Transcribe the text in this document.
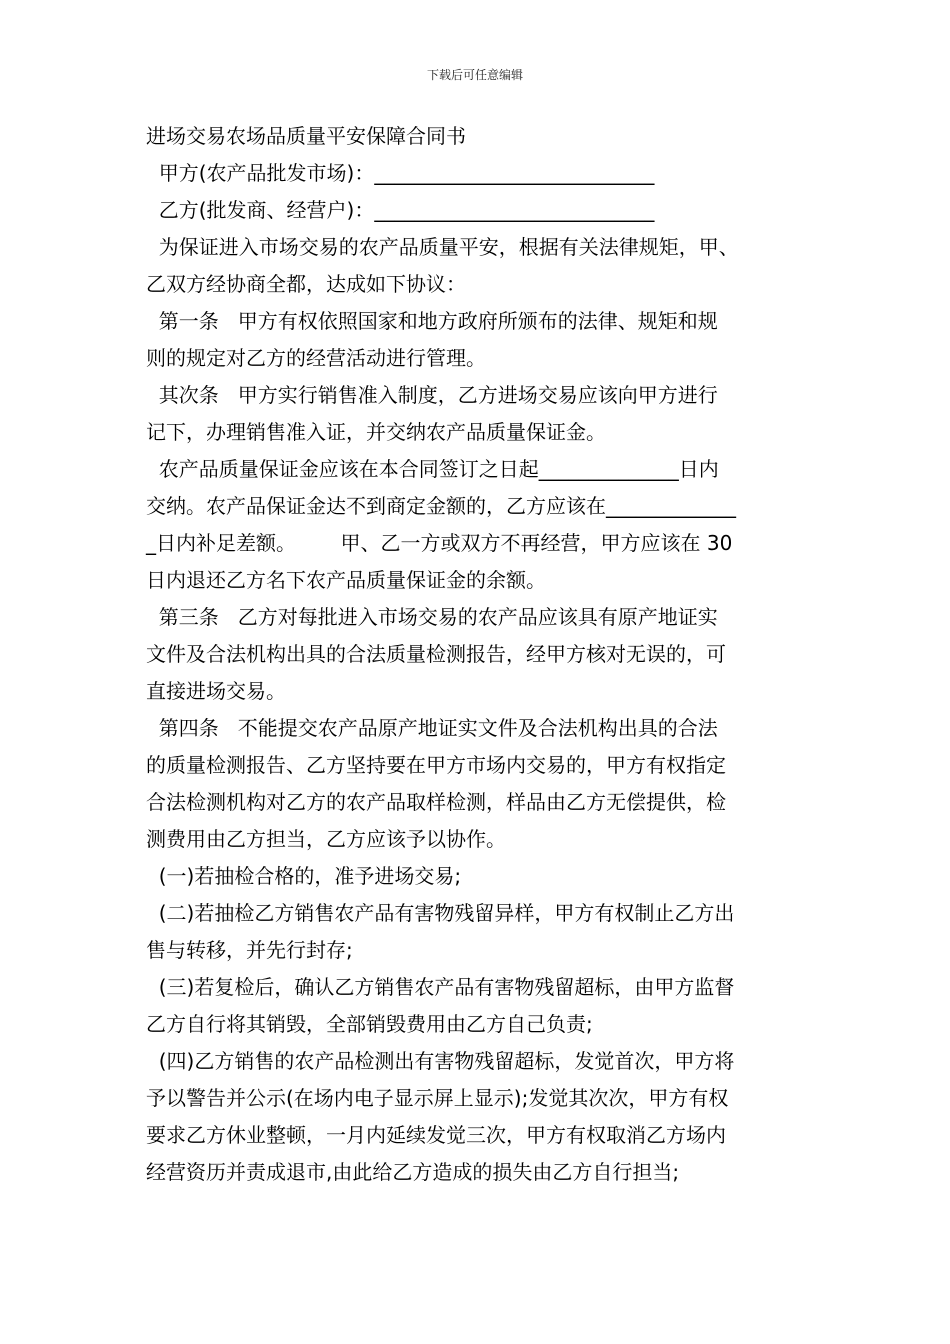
下载后可任意编辑
进场交易农场品质量平安保障合同书
甲方(农产品批发市场)：____________________________
乙方(批发商、经营户)：____________________________
为保证进入市场交易的农产品质量平安，根据有关法律规矩，甲、
乙双方经协商全都，达成如下协议：
第一条   甲方有权依照国家和地方政府所颁布的法律、规矩和规
则的规定对乙方的经营活动进行管理。
其次条   甲方实行销售准入制度，乙方进场交易应该向甲方进行
记下，办理销售准入证，并交纳农产品质量保证金。
农产品质量保证金应该在本合同签订之日起______________日内
交纳。农产品保证金达不到商定金额的，乙方应该在_____________
_日内补足差额。       甲、乙一方或双方不再经营，甲方应该在 30
日内退还乙方名下农产品质量保证金的余额。
第三条   乙方对每批进入市场交易的农产品应该具有原产地证实
文件及合法机构出具的合法质量检测报告，经甲方核对无误的，可
直接进场交易。
第四条   不能提交农产品原产地证实文件及合法机构出具的合法
的质量检测报告、乙方坚持要在甲方市场内交易的，甲方有权指定
合法检测机构对乙方的农产品取样检测，样品由乙方无偿提供，检
测费用由乙方担当，乙方应该予以协作。
(一)若抽检合格的，准予进场交易;
(二)若抽检乙方销售农产品有害物残留异样，甲方有权制止乙方出
售与转移，并先行封存;
(三)若复检后，确认乙方销售农产品有害物残留超标，由甲方监督
乙方自行将其销毁，全部销毁费用由乙方自己负责;
(四)乙方销售的农产品检测出有害物残留超标，发觉首次，甲方将
予以警告并公示(在场内电子显示屏上显示);发觉其次次，甲方有权
要求乙方休业整顿，一月内延续发觉三次，甲方有权取消乙方场内
经营资历并责成退市,由此给乙方造成的损失由乙方自行担当;
